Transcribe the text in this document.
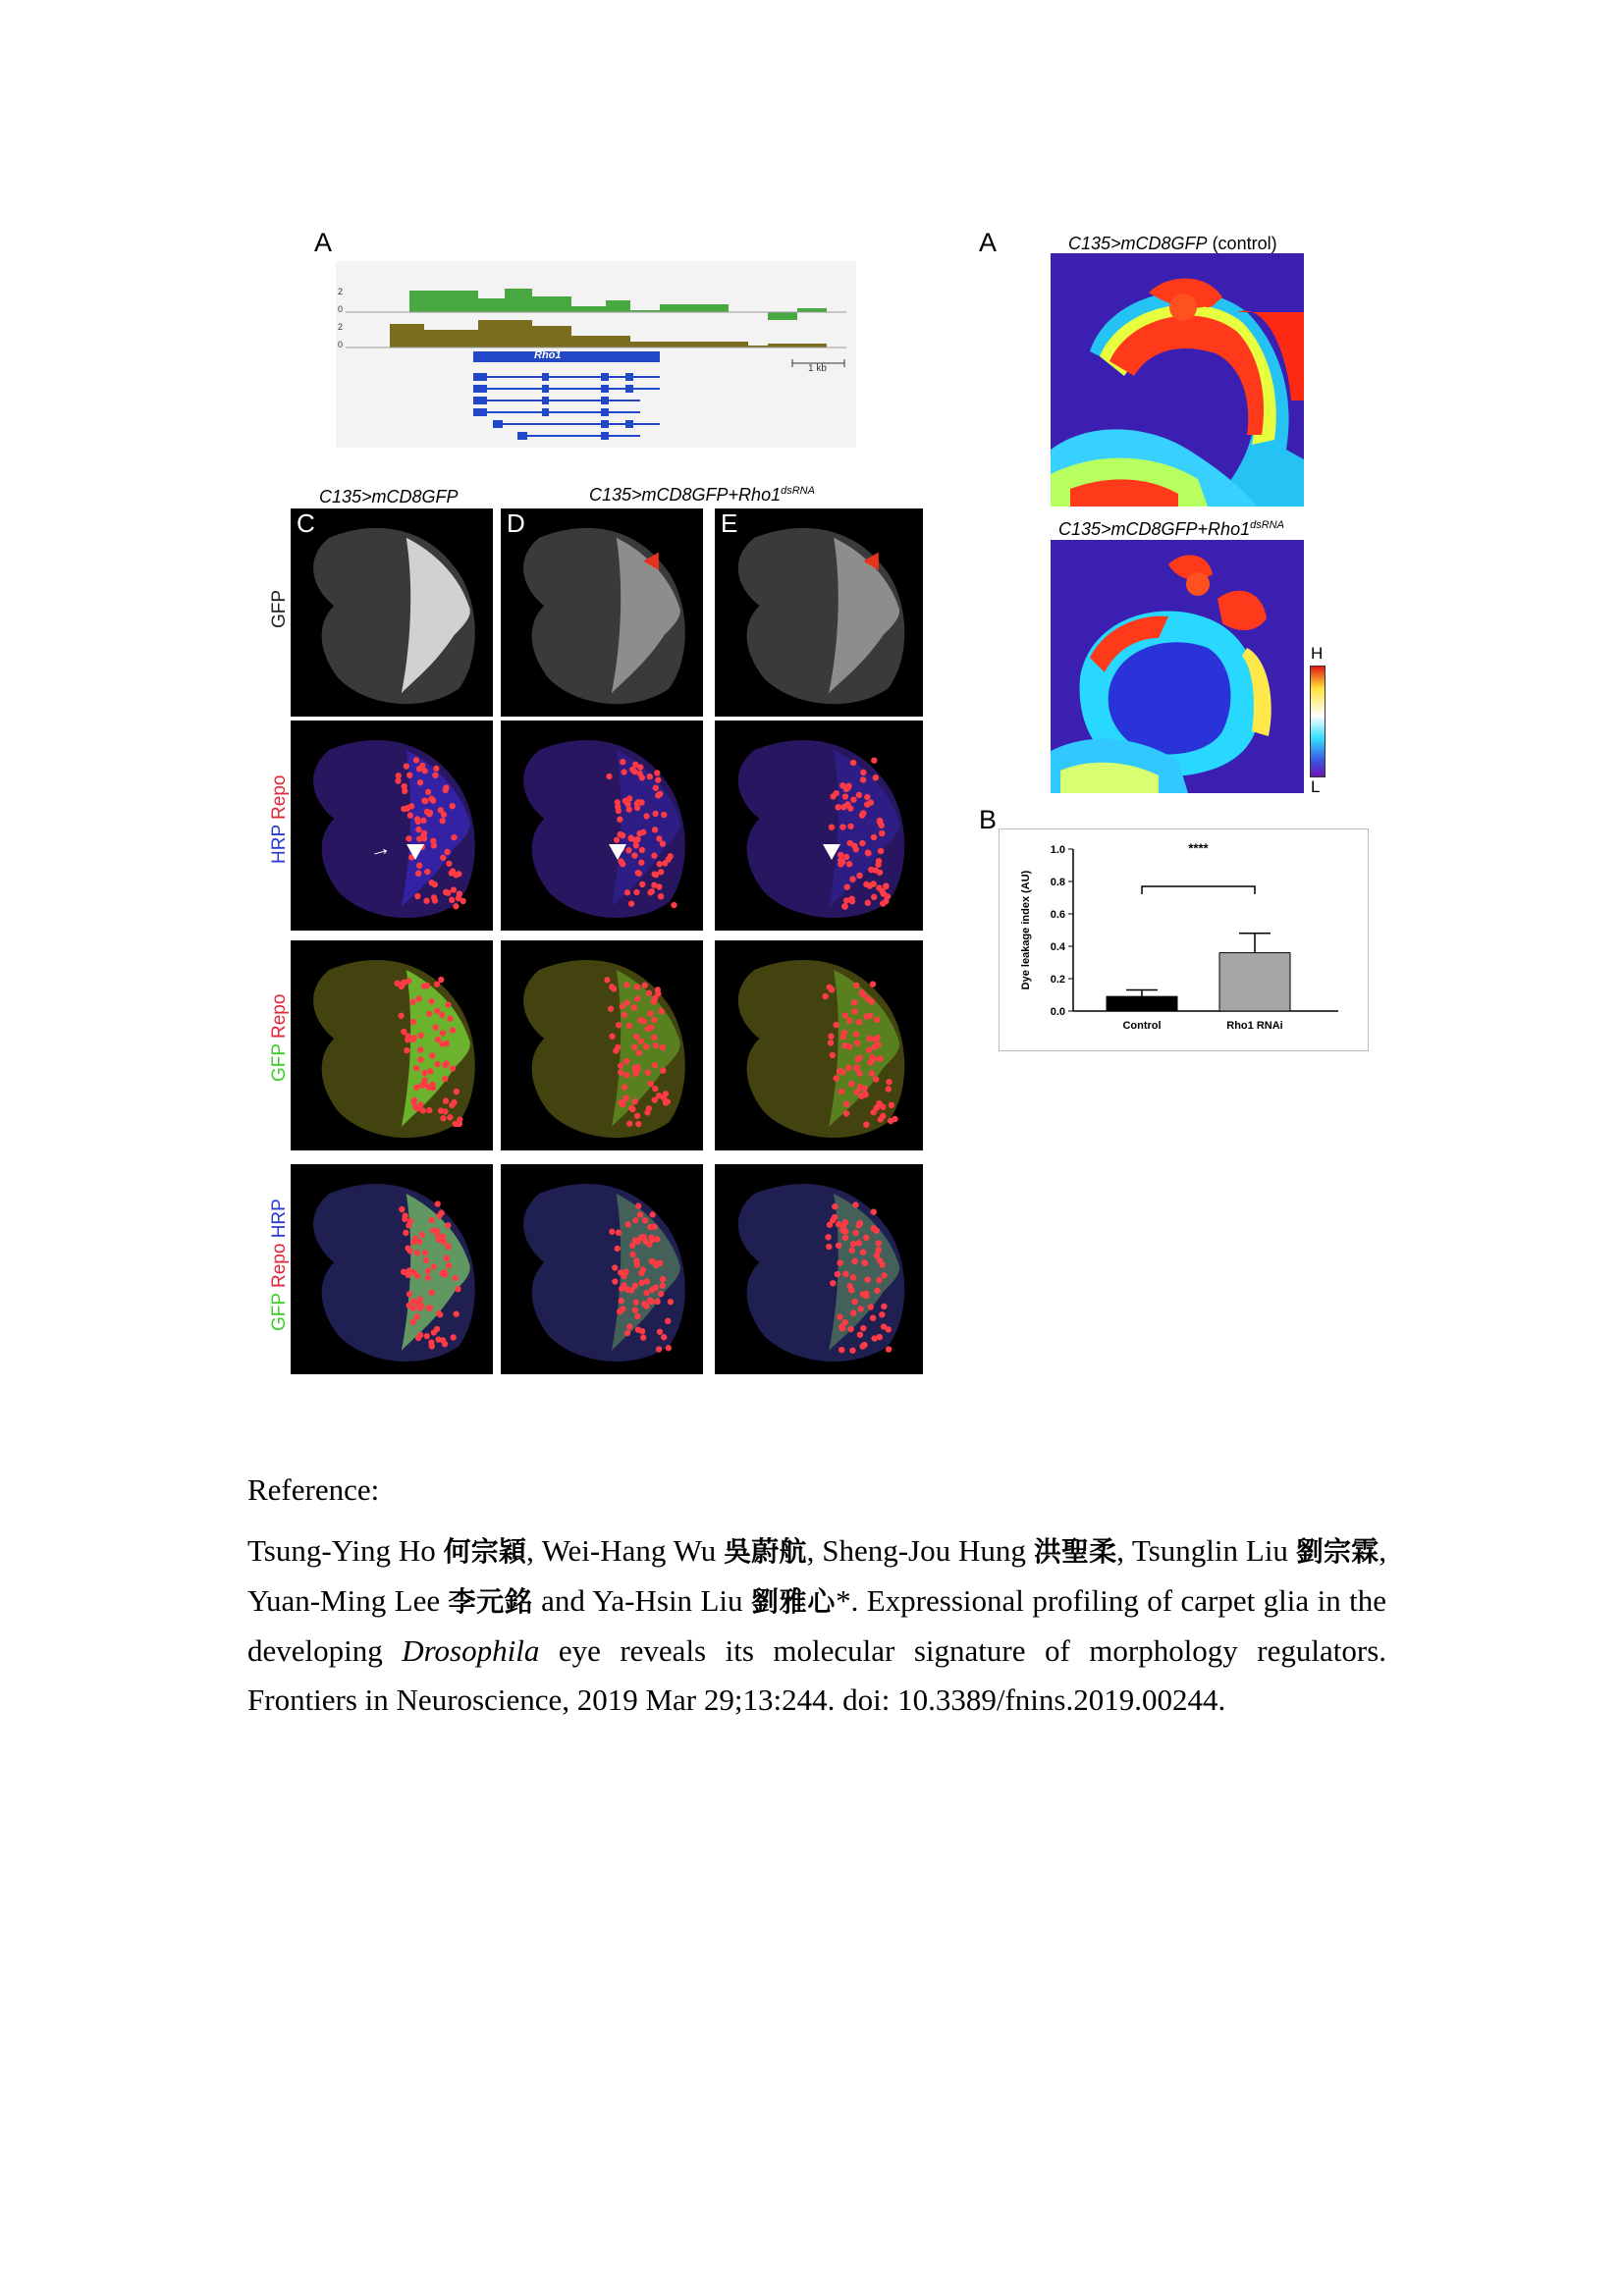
A
Rho1
1 kb
2
0
2
0
A	C135>mCD8GFP (control)
$C135>mCD8GFP+Rho1^{dsRNA}$
H
L
B
0.0
0.2
0.4
0.6
0.8
1.0
Dye leakage index (AU)
Control	Rho1 RNAi
****
C135>mCD8GFP	$C135>mCD8GFP+Rho1^{dsRNA}$
C	D	E
→
GFP
HRP Repo
GFP Repo
GFP Repo HRP
Reference:
Tsung-Ying Ho 何宗穎, Wei-Hang Wu 吳蔚航, Sheng-Jou Hung 洪聖柔, Tsunglin Liu 劉宗霖, Yuan-Ming Lee 李元銘 and Ya-Hsin Liu 劉雅心*. Expressional profiling of carpet glia in the developing Drosophila eye reveals its molecular signature of morphology regulators. Frontiers in Neuroscience, 2019 Mar 29;13:244. doi: 10.3389/fnins.2019.00244.
